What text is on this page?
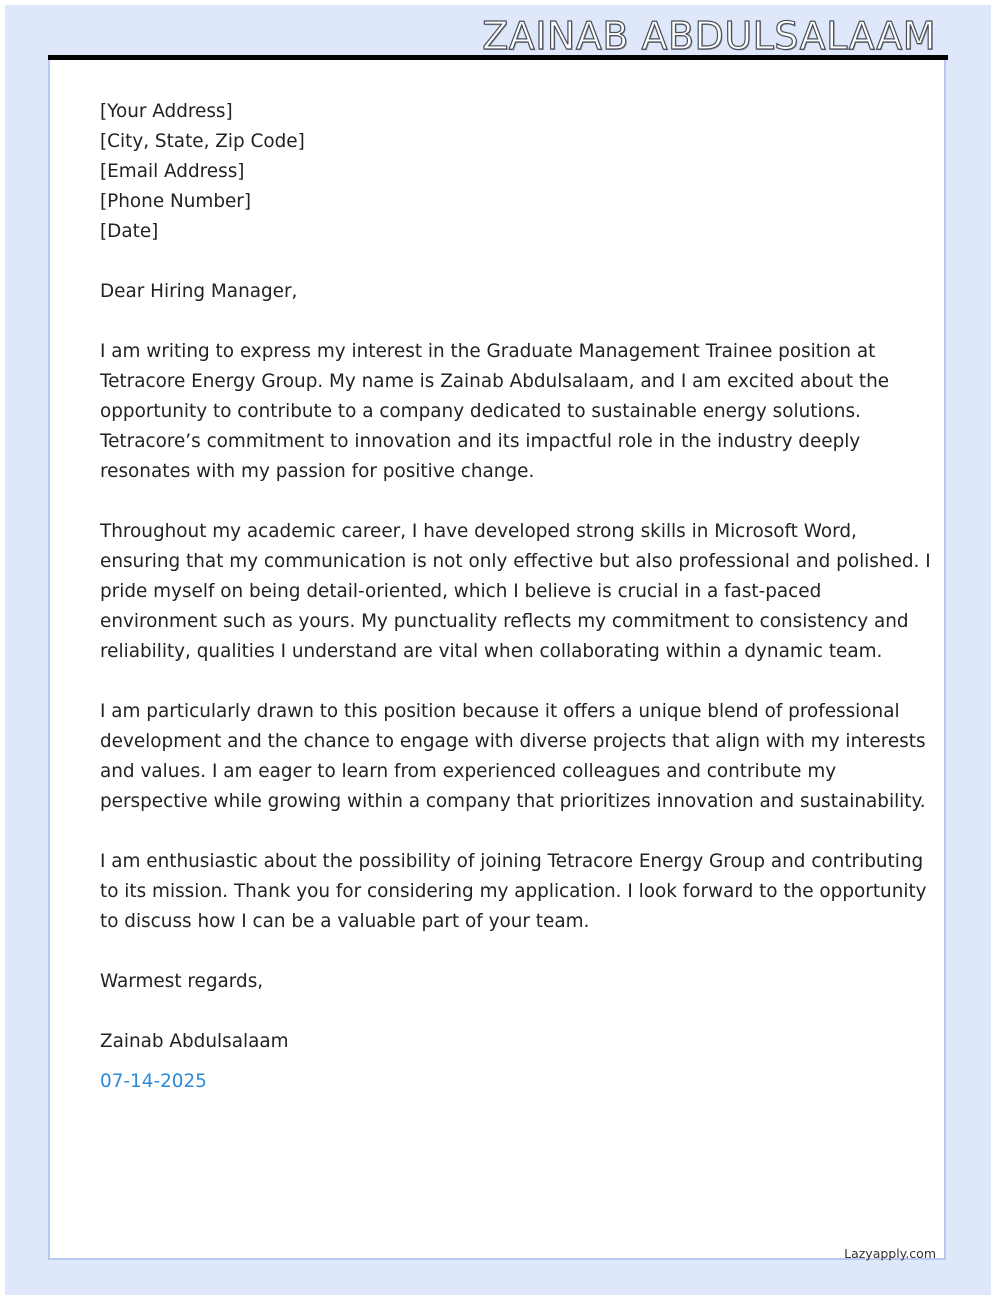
ZAINAB ABDULSALAAM
[Your Address]
[City, State, Zip Code]
[Email Address]
[Phone Number]
[Date]
Dear Hiring Manager,
I am writing to express my interest in the Graduate Management Trainee position at
Tetracore Energy Group. My name is Zainab Abdulsalaam, and I am excited about the
opportunity to contribute to a company dedicated to sustainable energy solutions.
Tetracore’s commitment to innovation and its impactful role in the industry deeply
resonates with my passion for positive change.
Throughout my academic career, I have developed strong skills in Microsoft Word,
ensuring that my communication is not only effective but also professional and polished. I
pride myself on being detail-oriented, which I believe is crucial in a fast-paced
environment such as yours. My punctuality reflects my commitment to consistency and
reliability, qualities I understand are vital when collaborating within a dynamic team.
I am particularly drawn to this position because it offers a unique blend of professional
development and the chance to engage with diverse projects that align with my interests
and values. I am eager to learn from experienced colleagues and contribute my
perspective while growing within a company that prioritizes innovation and sustainability.
I am enthusiastic about the possibility of joining Tetracore Energy Group and contributing
to its mission. Thank you for considering my application. I look forward to the opportunity
to discuss how I can be a valuable part of your team.
Warmest regards,
Zainab Abdulsalaam
07-14-2025
Lazyapply.com
